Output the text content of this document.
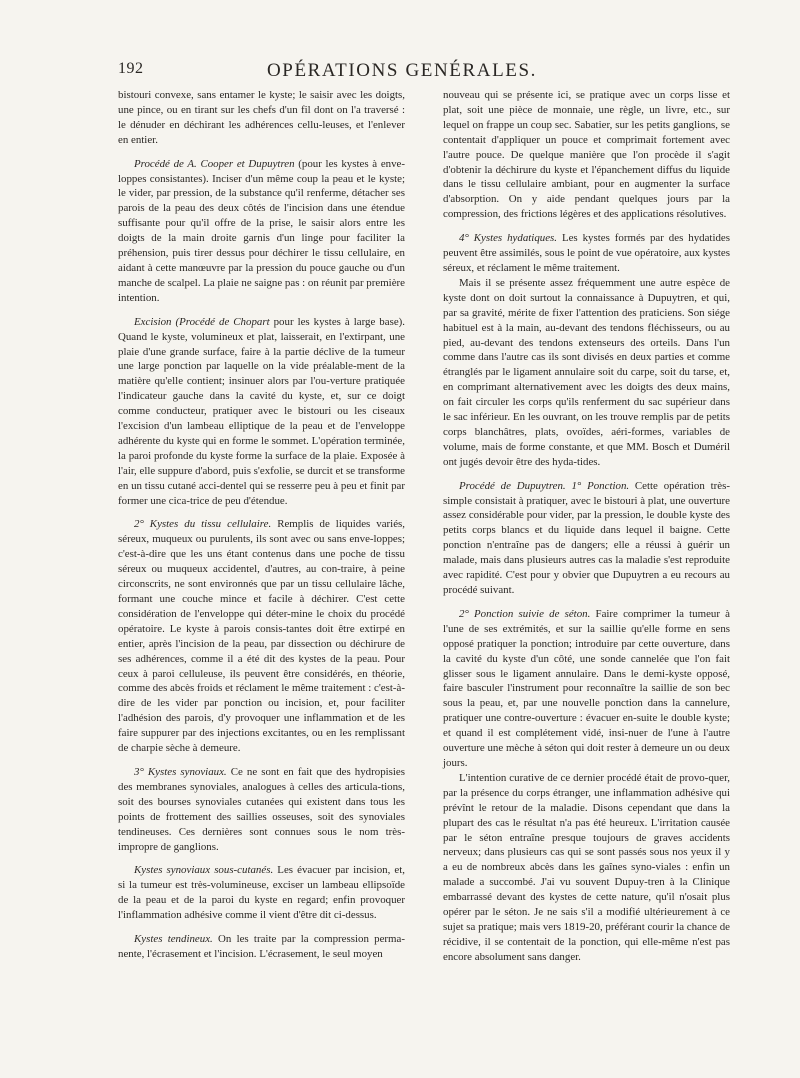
192	OPÉRATIONS GENÉRALES.

bistouri convexe, sans entamer le kyste; le saisir avec les doigts, une pince, ou en tirant sur les chefs d'un fil dont on l'a traversé : le dénuder en déchirant les adhérences cellu-leuses, et l'enlever en entier.

Procédé de A. Cooper et Dupuytren (pour les kystes à enve-loppes consistantes). Inciser d'un même coup la peau et le kyste; le vider, par pression, de la substance qu'il renferme, détacher ses parois de la peau des deux côtés de l'incision dans une étendue suffisante pour qu'il offre de la prise, le saisir alors entre les doigts de la main droite garnis d'un linge pour faciliter la préhension, puis tirer dessus pour déchirer le tissu cellulaire, en aidant à cette manœuvre par la pression du pouce gauche ou d'un manche de scalpel. La plaie ne saigne pas : on réunit par première intention.

Excision (Procédé de Chopart pour les kystes à large base). Quand le kyste, volumineux et plat, laisserait, en l'extirpant, une plaie d'une grande surface, faire à la partie déclive de la tumeur une large ponction par laquelle on la vide préalable-ment de la matière qu'elle contient; insinuer alors par l'ou-verture pratiquée l'indicateur gauche dans la cavité du kyste, et, sur ce doigt comme conducteur, pratiquer avec le bistouri ou les ciseaux l'excision d'un lambeau elliptique de la peau et de l'enveloppe adhérente du kyste qui en forme le sommet. L'opération terminée, la paroi profonde du kyste forme la surface de la plaie. Exposée à l'air, elle suppure d'abord, puis s'exfolie, se durcit et se transforme en un tissu cutané acci-dentel qui se resserre peu à peu et finit par former une cica-trice de peu d'étendue.

2° Kystes du tissu cellulaire. Remplis de liquides variés, séreux, muqueux ou purulents, ils sont avec ou sans enve-loppes; c'est-à-dire que les uns étant contenus dans une poche de tissu séreux ou muqueux accidentel, d'autres, au con-traire, à peine circonscrits, ne sont environnés que par un tissu cellulaire lâche, formant une couche mince et facile à déchirer. C'est cette considération de l'enveloppe qui déter-mine le choix du procédé opératoire. Le kyste à parois consis-tantes doit être extirpé en entier, après l'incision de la peau, par dissection ou déchirure de ses adhérences, comme il a été dit des kystes de la peau. Pour ceux à paroi celluleuse, ils peuvent être considérés, en théorie, comme des abcès froids et réclament le même traitement : c'est-à-dire de les vider par ponction ou incision, et, pour faciliter l'adhésion des parois, d'y provoquer une inflammation et de les faire suppurer par des injections excitantes, ou en les remplissant de charpie sèche à demeure.

3° Kystes synoviaux. Ce ne sont en fait que des hydropisies des membranes synoviales, analogues à celles des articula-tions, soit des bourses synoviales cutanées qui existent dans tous les points de frottement des saillies osseuses, soit des synoviales tendineuses. Ces dernières sont connues sous le nom très-impropre de ganglions.

Kystes synoviaux sous-cutanés. Les évacuer par incision, et, si la tumeur est très-volumineuse, exciser un lambeau ellipsoïde de la peau et de la paroi du kyste en regard; enfin provoquer l'inflammation adhésive comme il vient d'être dit ci-dessus.

Kystes tendineux. On les traite par la compression perma-nente, l'écrasement et l'incision. L'écrasement, le seul moyen

nouveau qui se présente ici, se pratique avec un corps lisse et plat, soit une pièce de monnaie, une règle, un livre, etc., sur lequel on frappe un coup sec. Sabatier, sur les petits ganglions, se contentait d'appliquer un pouce et comprimait fortement avec l'autre pouce. De quelque manière que l'on procède il s'agit d'obtenir la déchirure du kyste et l'épanchement diffus du liquide dans le tissu cellulaire ambiant, pour en augmenter la surface d'absorption. On y aide pendant quelques jours par la compression, des frictions légères et des applications résolutives.

4° Kystes hydatiques. Les kystes formés par des hydatides peuvent être assimilés, sous le point de vue opératoire, aux kystes séreux, et réclament le même traitement.

Mais il se présente assez fréquemment une autre espèce de kyste dont on doit surtout la connaissance à Dupuytren, et qui, par sa gravité, mérite de fixer l'attention des praticiens. Son siége habituel est à la main, au-devant des tendons fléchisseurs, ou au pied, au-devant des tendons extenseurs des orteils. Dans l'un comme dans l'autre cas ils sont divisés en deux parties et comme étranglés par le ligament annulaire soit du carpe, soit du tarse, et, en comprimant alternativement avec les doigts des deux mains, on fait circuler les corps qu'ils renferment du sac supérieur dans le sac inférieur. En les ouvrant, on les trouve remplis par de petits corps blanchâtres, plats, ovoïdes, aéri-formes, variables de volume, mais de forme constante, et que MM. Bosch et Duméril ont jugés devoir être des hyda-tides.

Procédé de Dupuytren. 1° Ponction. Cette opération très-simple consistait à pratiquer, avec le bistouri à plat, une ouverture assez considérable pour vider, par la pression, le double kyste des petits corps blancs et du liquide dans lequel il baigne. Cette ponction n'entraîne pas de dangers; elle a réussi à guérir un malade, mais dans plusieurs autres cas la maladie s'est reproduite avec rapidité. C'est pour y obvier que Dupuytren a eu recours au procédé suivant.

2° Ponction suivie de séton. Faire comprimer la tumeur à l'une de ses extrémités, et sur la saillie qu'elle forme en sens opposé pratiquer la ponction; introduire par cette ouverture, dans la cavité du kyste d'un côté, une sonde cannelée que l'on fait glisser sous le ligament annulaire. Dans le demi-kyste opposé, faire basculer l'instrument pour reconnaître la saillie de son bec sous la peau, et, par une nouvelle ponction dans la cannelure, pratiquer une contre-ouverture : évacuer en-suite le double kyste; et quand il est complétement vidé, insi-nuer de l'une à l'autre ouverture une mèche à séton qui doit rester à demeure un ou deux jours.

L'intention curative de ce dernier procédé était de provo-quer, par la présence du corps étranger, une inflammation adhésive qui prévînt le retour de la maladie. Disons cependant que dans la plupart des cas le résultat n'a pas été heureux. L'irritation causée par le séton entraîne presque toujours de graves accidents nerveux; dans plusieurs cas qui se sont passés sous nos yeux il y a eu de nombreux abcès dans les gaînes syno-viales : enfin un malade a succombé. J'ai vu souvent Dupuy-tren à la Clinique embarrassé devant des kystes de cette nature, qu'il n'osait plus opérer par le séton. Je ne sais s'il a modifié ultérieurement à ce sujet sa pratique; mais vers 1819-20, préférant courir la chance de récidive, il se contentait de la ponction, qui elle-même n'est pas encore absolument sans danger.
